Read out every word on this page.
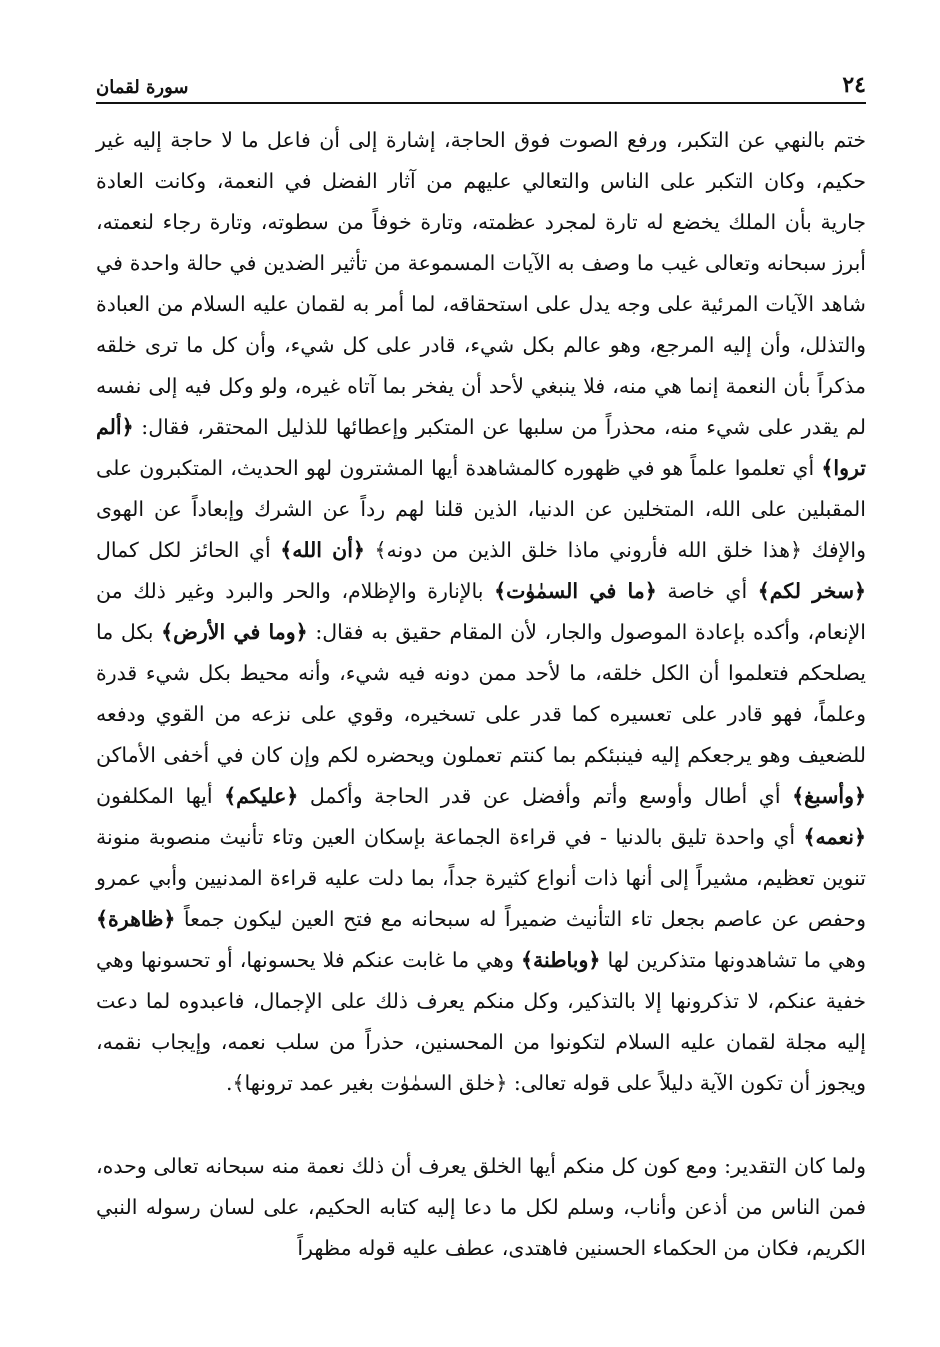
٢٤
سورة لقمان

ختم بالنهي عن التكبر، ورفع الصوت فوق الحاجة، إشارة إلى أن فاعل ما لا حاجة إليه غير حكيم، وكان التكبر على الناس والتعالي عليهم من آثار الفضل في النعمة، وكانت العادة جارية بأن الملك يخضع له تارة لمجرد عظمته، وتارة خوفاً من سطوته، وتارة رجاء لنعمته، أبرز سبحانه وتعالى غيب ما وصف به الآيات المسموعة من تأثير الضدين في حالة واحدة في شاهد الآيات المرئية على وجه يدل على استحقاقه، لما أمر به لقمان عليه السلام من العبادة والتذلل، وأن إليه المرجع، وهو عالم بكل شيء، قادر على كل شيء، وأن كل ما ترى خلقه مذكراً بأن النعمة إنما هي منه، فلا ينبغي لأحد أن يفخر بما آتاه غيره، ولو وكل فيه إلى نفسه لم يقدر على شيء منه، محذراً من سلبها عن المتكبر وإعطائها للذليل المحتقر، فقال: ﴿ألم تروا﴾ أي تعلموا علماً هو في ظهوره كالمشاهدة أيها المشترون لهو الحديث، المتكبرون على المقبلين على الله، المتخلين عن الدنيا، الذين قلنا لهم رداً عن الشرك وإبعاداً عن الهوى والإفك ﴿هذا خلق الله فأروني ماذا خلق الذين من دونه﴾ ﴿أن الله﴾ أي الحائز لكل كمال ﴿سخر لكم﴾ أي خاصة ﴿ما في السمٰوٰت﴾ بالإنارة والإظلام، والحر والبرد وغير ذلك من الإنعام، وأكده بإعادة الموصول والجار، لأن المقام حقيق به فقال: ﴿وما في الأرض﴾ بكل ما يصلحكم فتعلموا أن الكل خلقه، ما لأحد ممن دونه فيه شيء، وأنه محيط بكل شيء قدرة وعلماً، فهو قادر على تعسيره كما قدر على تسخيره، وقوي على نزعه من القوي ودفعه للضعيف وهو يرجعكم إليه فينبئكم بما كنتم تعملون ويحضره لكم وإن كان في أخفى الأماكن ﴿وأسبغ﴾ أي أطال وأوسع وأتم وأفضل عن قدر الحاجة وأكمل ﴿عليكم﴾ أيها المكلفون ﴿نعمه﴾ أي واحدة تليق بالدنيا - في قراءة الجماعة بإسكان العين وتاء تأنيث منصوبة منونة تنوين تعظيم، مشيراً إلى أنها ذات أنواع كثيرة جداً، بما دلت عليه قراءة المدنيين وأبي عمرو وحفص عن عاصم بجعل تاء التأنيث ضميراً له سبحانه مع فتح العين ليكون جمعاً ﴿ظاهرة﴾ وهي ما تشاهدونها متذكرين لها ﴿وباطنة﴾ وهي ما غابت عنكم فلا يحسونها، أو تحسونها وهي خفية عنكم، لا تذكرونها إلا بالتذكير، وكل منكم يعرف ذلك على الإجمال، فاعبدوه لما دعت إليه مجلة لقمان عليه السلام لتكونوا من المحسنين، حذراً من سلب نعمه، وإيجاب نقمه، ويجوز أن تكون الآية دليلاً على قوله تعالى: ﴿خلق السمٰوٰت بغير عمد ترونها﴾.

ولما كان التقدير: ومع كون كل منكم أيها الخلق يعرف أن ذلك نعمة منه سبحانه تعالى وحده، فمن الناس من أذعن وأناب، وسلم لكل ما دعا إليه كتابه الحكيم، على لسان رسوله النبي الكريم، فكان من الحكماء الحسنين فاهتدى، عطف عليه قوله مظهراً
